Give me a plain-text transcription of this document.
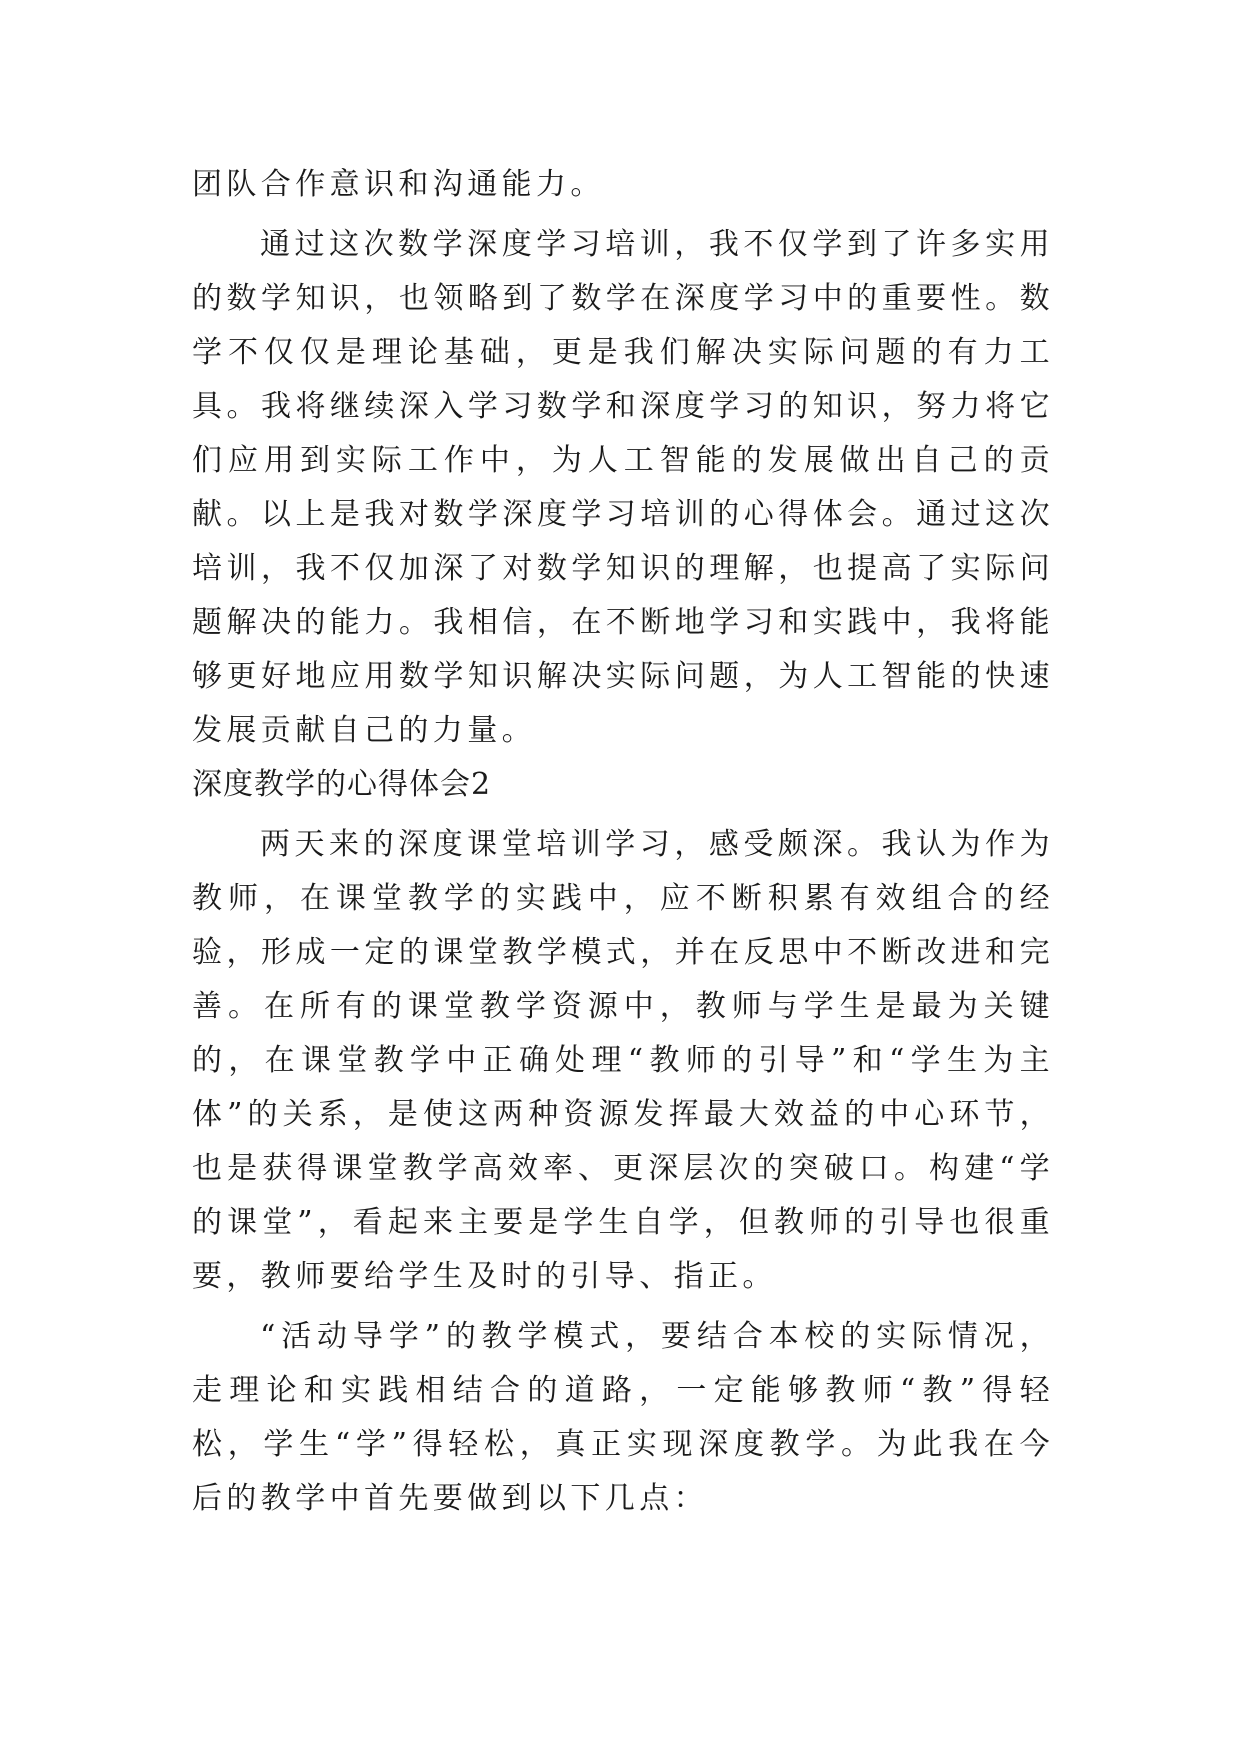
团队合作意识和沟通能力。

通过这次数学深度学习培训，我不仅学到了许多实用的数学知识，也领略到了数学在深度学习中的重要性。数学不仅仅是理论基础，更是我们解决实际问题的有力工具。我将继续深入学习数学和深度学习的知识，努力将它们应用到实际工作中，为人工智能的发展做出自己的贡献。以上是我对数学深度学习培训的心得体会。通过这次培训，我不仅加深了对数学知识的理解，也提高了实际问题解决的能力。我相信，在不断地学习和实践中，我将能够更好地应用数学知识解决实际问题，为人工智能的快速发展贡献自己的力量。

深度教学的心得体会2

两天来的深度课堂培训学习，感受颇深。我认为作为教师，在课堂教学的实践中，应不断积累有效组合的经验，形成一定的课堂教学模式，并在反思中不断改进和完善。在所有的课堂教学资源中，教师与学生是最为关键的，在课堂教学中正确处理“教师的引导”和“学生为主体”的关系，是使这两种资源发挥最大效益的中心环节，也是获得课堂教学高效率、更深层次的突破口。构建“学的课堂”，看起来主要是学生自学，但教师的引导也很重要，教师要给学生及时的引导、指正。

“活动导学”的教学模式，要结合本校的实际情况，走理论和实践相结合的道路，一定能够教师“教”得轻松，学生“学”得轻松，真正实现深度教学。为此我在今后的教学中首先要做到以下几点：
